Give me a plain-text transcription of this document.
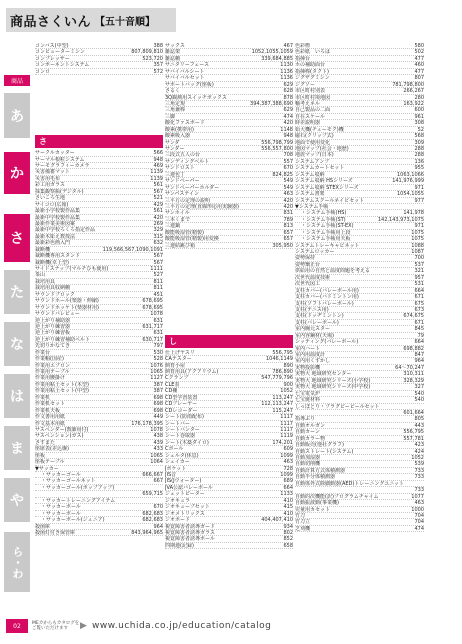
商品さくいん 【五十音順】
商品
あ
か
さ
た
な
は
ま
や
ら・わ
コンバス(中型)	388
コンピューターミシン	807,809,810
コンプレッサー	523,720
コンポーネントシステム	357
コンロ	572
さ
サークルカッター	566
サーマル根粒システム	948
サーモグラフィーカメラ	469
災害備蓄マット	1139
災害用毛布	1139
彩工用ガラス	561
採集観察瓶(デジタル)	567
さいころ生地	521
サイコロ(広報)	429
最新小学校製作品集	561
最新中学校製作品集	420
最新作業美術図案	269
最新中学校ろくろ指定作品	329
最新木彫え教授法	315
最新彩色画入門	632
裁断機	119,566,567,1090,1091
裁断機専用スタンド	567
裁断機(卓上型)	567
サイドスナップ(マルチひも使用)	1111
茶山	527
栽培用具	811
栽培用具収納棚	811
サウンドブロック	451
サウンドホール(楽器・伸縮)	678,695
サウンドホッケト(楽器材用)	678,695
サウンドバレピュー	1078
逆上がり補助器	631
逆上がり練習器	631,717
逆上がり練習板	631
逆上がり練習補助ベルト	630,717
先切りかなてき	797
作業台	530
作業帽(国産)	528
作業用エプロン	1076
作業用テーブル	1065
作業用腰掛け	1127
作業用粘土セット(木型)	387
作業用粘土セット(中型)	387
作業机	698
作業机セット	698
作業机天板	698
作文書用用紙	449
作文基本用紙	176,178,395
サスペンダー(教師用付)	1078
サスペンション(ガス)	438
さすまた	439
座席表(差込盤)	433
座板	1065
座板テーブル	1064
▼サッカー
・サッカーゴール	666,667
・サッカーゴールネット	667
・サッカーゴール(ポップアップ)
659,715
・サッカートレーニングアイテム
・サッカーボール	670
・サッカーボール	682,683
・サッカーボール(ジュニア)	682,683
殺菌庫	964
殺菌灯付き保管庫	843,964,965
サックス	467
雑誌架	1052,1055,1059
雑誌棚	339,684,885
サニタリーフェース	1130
サバイバルシート	1136
サバイバルセット	1136
サポートバッグ(座板)	629
さるく	628
3Q観測用スイッチボックス	878
三角定規	394,387,388,690
三角兼棒	629
三脚	474
酸化ファスポード	420
酸素(携帯用)	1148
酸素吸入器	948
サンダ	556,798,799
サンダー	556,557,800
三段式五人の台	708
サンディングベルト	557
サンドロスト	670
三連包丁	824,825
サンドペーパー	549
サンドペーパーホルダー	549
サンパステイン	463
三平方の定理の説明	420
三平方の定理(直線形応用実験器)	420
サンホイル	831
三本くまで	789
三連鍋	813
酸能吸湿管(精製)	657
酸能吸湿管(精製)用変換	657
三連結跳び箱	305,950
し
仕上げヤスリ	556,795
CAテスター	1046,1149
飼育小屋	890
飼育用具(アクアリウム)	786,890
Cクランプ	547,779,796
CLE表	900
CD棚	1052
CD型学習装置	113,247
CDプレーヤー	112,113,247
CDレコーダー	115,247
シート(防雨配布)	1117
シートバー	1117
シートバンター	1117
シート巻取器	1119
シート(木薬ダイロ)	174,201
Cボール	609
シェルタ(休息)	1099
シェイカー	463
Jポケット	728
JIS音	1099
JIS(Jウォーター)	689
JVA公認バレーボール	664
ジェットビーター	1133
ジオキュラ	410
ジオキューブセット	415
ジオメトリックス	410
ジオボード	404,407,410
視覚障害者誘導ガード	934
視覚障害者誘導ガラス	802
視覚障害者誘導ポール	852
四期連(記録)	658
色彩標	580
色彩紙　いろは	502
指揮台	477
ホの補助面台	460
指揮棒(タクト)	477
ジグザグミシン	807
ジグソー	781,798,800
市区町村別表	266,267
市区町村境地図	280
軸考えネル	163,922
自己製品の二面	600
自在スケール	961
時差説明器	308
始大機(チューモク)機	52
磁石(クリップ式)	568
地面で使用変化	309
地図マップ(社会・地歴)	288
地震マップ(日本)	288
システムアンプ	136
システムカートセット	955
システム収納	1063,1066
システム収納 HSシリーズ	141,976,999
システム収納 STEXシリーズ	971
システム書架	1054,1055
システムスクールネイビセット	977
▼システム手帳
・システム手帳(HS)	141,978
・システム手帳(ST)	142,143,973,1075
・システム手帳(ST-EX)	971
・システム手帳用上段	1075
・システム手帳用天板	1075
システムトレーキャビネット	1088
システムロッカー	1087
姿勢保持	700
姿勢矯正台	537
供給用の自然と温度問題を考える	321
次世代温度技術	957
次世代図工	531
支柱カバー(バレーボール用)	664
支柱カバー(バドミントン用)	671
支柱(ソフトバレーボール)	675
支柱(テニス用)	673
支柱(ドッヂミントン)	674,675
支柱(バレーボール)	671
室内胸元スター	845
室内容鋼材(天場)	79
シッティング(バレーボール)	664
室内ハート	698,882
室内用温度計	847
室内用くずかし	964
実物投影機	64〜70,247
実物大 地域研究センター	310,311
実物大 地域研究シリーズ(小学校)	328,329
実物大 地域研究シリーズ(中学校)	327
七宝電気炉	540
七宝焼材料	540
しっぽとり・プラグビービールセット
601,664
指導ぶり	805
自動オルガン	443
自動カーン	556,795
自動カラー物	557,781
自動販売(他社グラフ)	423
自動ストレート(システム)	424
自動加湿器	1052
自動切削機	539
自動計算方式体積測器	733
自動半分体積測器	733
自動体外式除細動器(AED)トレーニングユニット
733
自動的次機能(訳)プログラムチャイム	1077
自動振波動(事業機)	463
児童用カセット	1000
竹刀	704
竹刀立	704
芝刈機	474
02	MEカからもカタログを
ご覧いただけます	▶ www.uchida.co.jp/education/catalog
